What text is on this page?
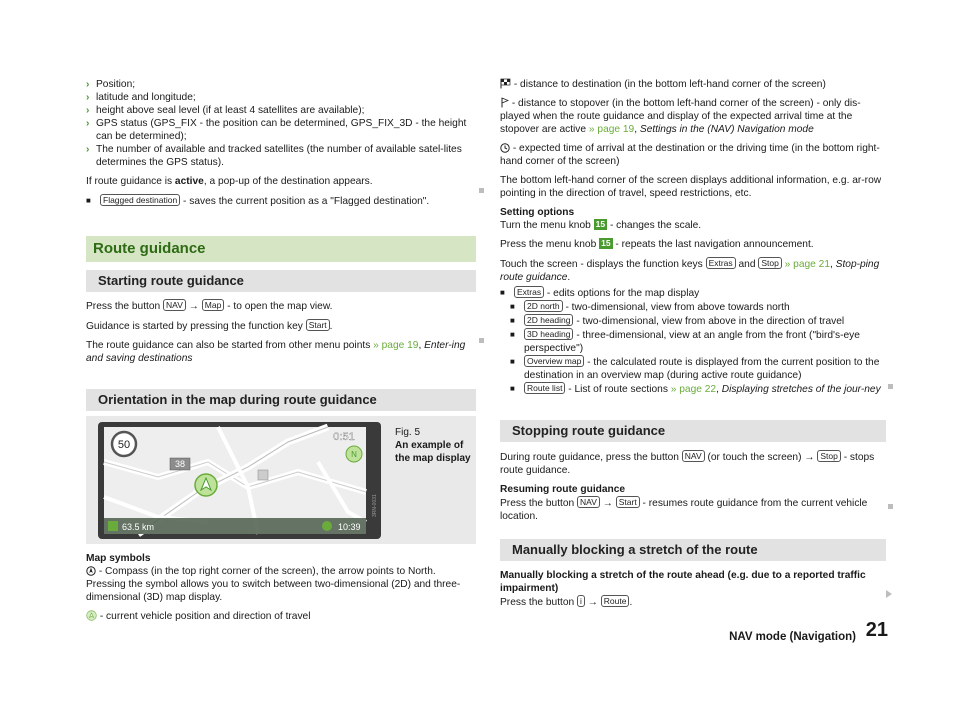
› Position;
› latitude and longitude;
› height above seal level (if at least 4 satellites are available);
› GPS status (GPS_FIX - the position can be determined, GPS_FIX_3D - the height can be determined);
› The number of available and tracked satellites (the number of available satel-lites determines the GPS status).

If route guidance is active, a pop-up of the destination appears.

■	Flagged destination - saves the current position as a "Flagged destination".
Route guidance
Starting route guidance

Press the button NAV → Map - to open the map view.

Guidance is started by pressing the function key Start .

The route guidance can also be started from other menu points » page 19, Enter-ing and saving destinations

Orientation in the map during route guidance
50
38
0:51
N
63.5 km	10:39
3RN-0031
Fig. 5
An example of the map display
Map symbols

- Compass (in the top right corner of the screen), the arrow points to North. Pressing the symbol allows you to switch between two-dimensional (2D) and three-dimensional (3D) map display.

- current vehicle position and direction of travel

- distance to destination (in the bottom left-hand corner of the screen)

- distance to stopover (in the bottom left-hand corner of the screen) - only dis-played when the route guidance and display of the expected arrival time at the stopover are active » page 19, Settings in the (NAV) Navigation mode

- expected time of arrival at the destination or the driving time (in the bottom right-hand corner of the screen)

The bottom left-hand corner of the screen displays additional information, e.g. ar-row pointing in the direction of travel, speed restrictions, etc.

Setting options

Turn the menu knob 15 - changes the scale.

Press the menu knob 15 - repeats the last navigation announcement.

Touch the screen - displays the function keys Extras and Stop » page 21, Stop-ping route guidance.

■	Extras - edits options for the map display
■	2D north - two-dimensional, view from above towards north
■	2D heading - two-dimensional, view from above in the direction of travel
■	3D heading - three-dimensional, view at an angle from the front ("bird's-eye perspective")
■	Overview map - the calculated route is displayed from the current position to the destination in an overview map (during active route guidance)
■	Route list - List of route sections » page 22, Displaying stretches of the jour-ney
Stopping route guidance

During route guidance, press the button NAV (or touch the screen) → Stop - stops route guidance.

Resuming route guidance

Press the button NAV → Start - resumes route guidance from the current vehicle location.

Manually blocking a stretch of the route
Manually blocking a stretch of the route ahead (e.g. due to a reported traffic impairment)

Press the button i → Route .

NAV mode (Navigation) 21
